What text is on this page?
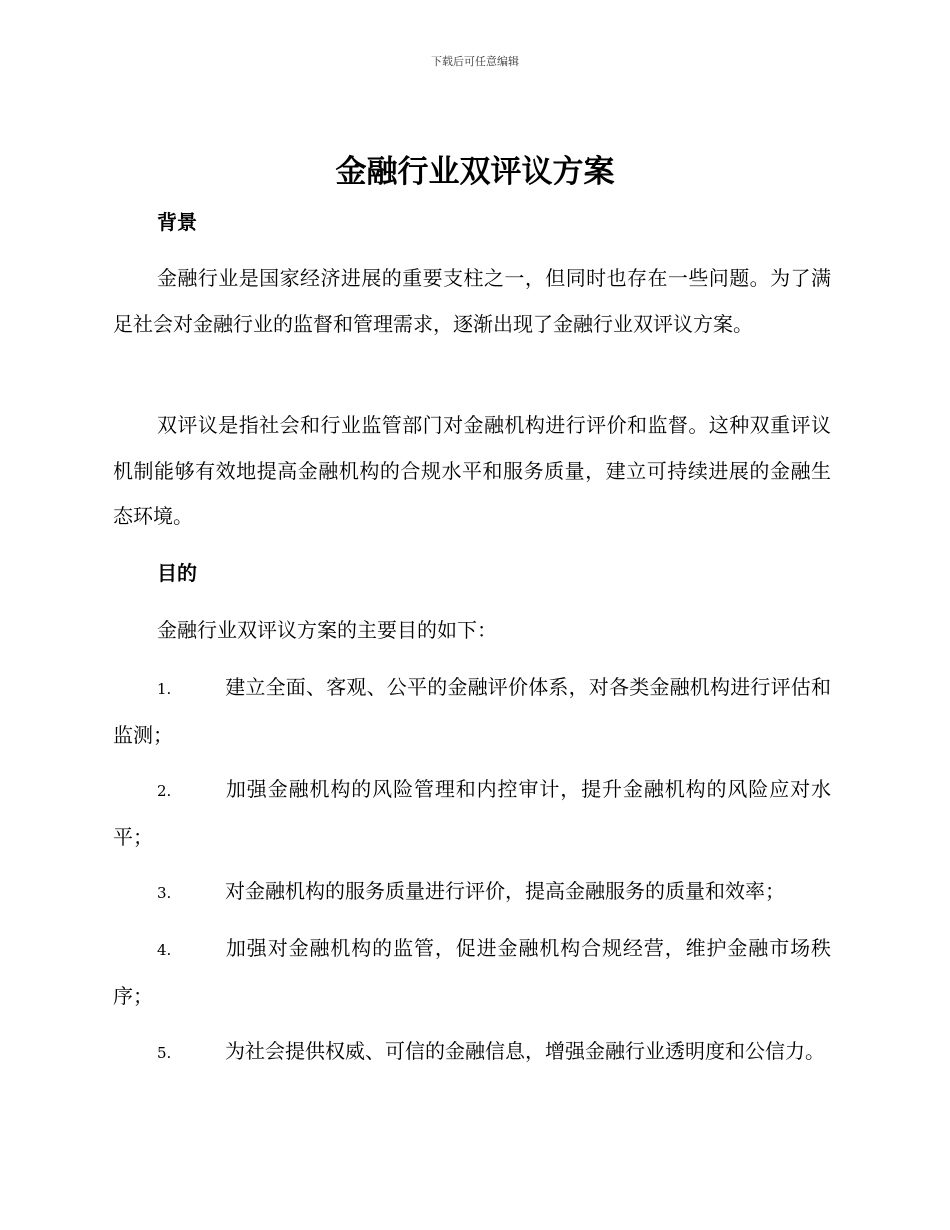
下载后可任意编辑
金融行业双评议方案
背景
金融行业是国家经济进展的重要支柱之一，但同时也存在一些问题。为了满足社会对金融行业的监督和管理需求，逐渐出现了金融行业双评议方案。
双评议是指社会和行业监管部门对金融机构进行评价和监督。这种双重评议机制能够有效地提高金融机构的合规水平和服务质量，建立可持续进展的金融生态环境。
目的
金融行业双评议方案的主要目的如下：
1.	建立全面、客观、公平的金融评价体系，对各类金融机构进行评估和监测；
2.	加强金融机构的风险管理和内控审计，提升金融机构的风险应对水平；
3.	对金融机构的服务质量进行评价，提高金融服务的质量和效率；
4.	加强对金融机构的监管，促进金融机构合规经营，维护金融市场秩序；
5.	为社会提供权威、可信的金融信息，增强金融行业透明度和公信力。
